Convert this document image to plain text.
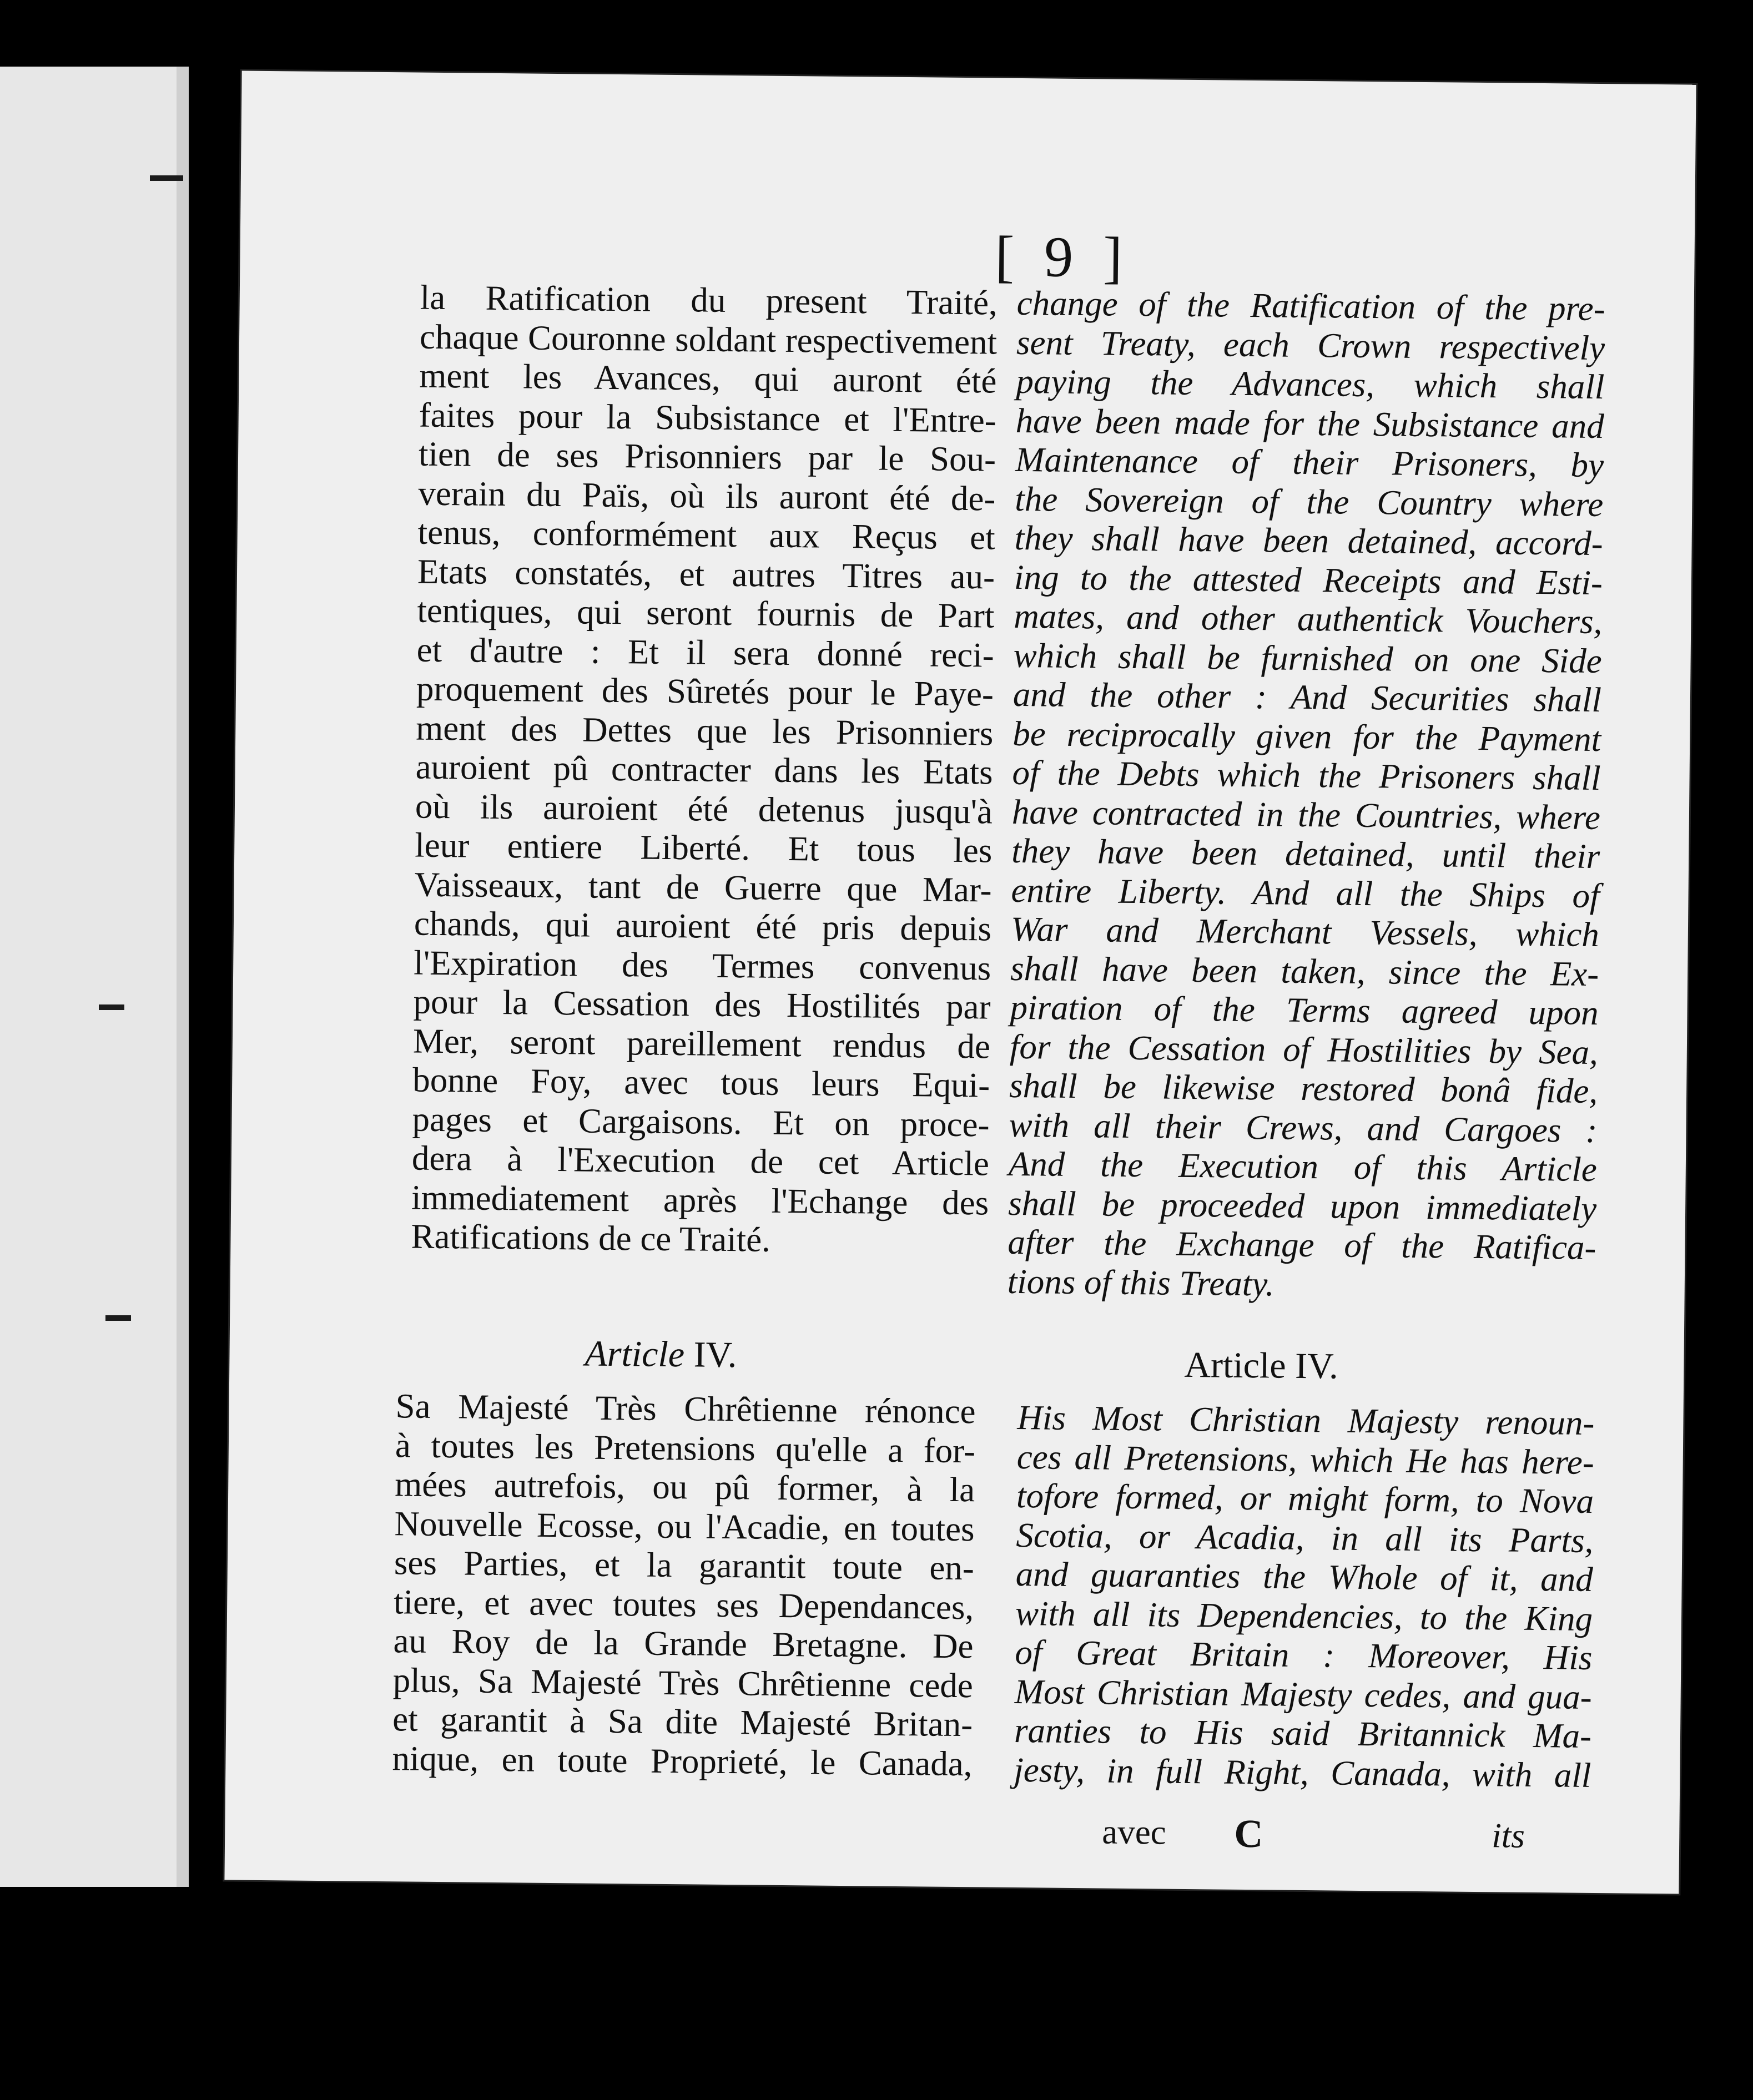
[ 9 ]
la Ratification du present Traité,
chaque Couronne soldant respectivement
ment les Avances, qui auront été
faites pour la Subsistance et l'Entre-
tien de ses Prisonniers par le Sou-
verain du Païs, où ils auront été de-
tenus, conformément aux Reçus et
Etats constatés, et autres Titres au-
tentiques, qui seront fournis de Part
et d'autre : Et il sera donné reci-
proquement des Sûretés pour le Paye-
ment des Dettes que les Prisonniers
auroient pû contracter dans les Etats
où ils auroient été detenus jusqu'à
leur entiere Liberté. Et tous les
Vaisseaux, tant de Guerre que Mar-
chands, qui auroient été pris depuis
l'Expiration des Termes convenus
pour la Cessation des Hostilités par
Mer, seront pareillement rendus de
bonne Foy, avec tous leurs Equi-
pages et Cargaisons. Et on proce-
dera à l'Execution de cet Article
immediatement après l'Echange des
Ratifications de ce Traité.
change of the Ratification of the pre-
sent Treaty, each Crown respectively
paying the Advances, which shall
have been made for the Subsistance and
Maintenance of their Prisoners, by
the Sovereign of the Country where
they shall have been detained, accord-
ing to the attested Receipts and Esti-
mates, and other authentick Vouchers,
which shall be furnished on one Side
and the other : And Securities shall
be reciprocally given for the Payment
of the Debts which the Prisoners shall
have contracted in the Countries, where
they have been detained, until their
entire Liberty. And all the Ships of
War and Merchant Vessels, which
shall have been taken, since the Ex-
piration of the Terms agreed upon
for the Cessation of Hostilities by Sea,
shall be likewise restored bonâ fide,
with all their Crews, and Cargoes :
And the Execution of this Article
shall be proceeded upon immediately
after the Exchange of the Ratifica-
tions of this Treaty.
Article IV.	Article IV.
Sa Majesté Très Chrêtienne rénonce
à toutes les Pretensions qu'elle a for-
mées autrefois, ou pû former, à la
Nouvelle Ecosse, ou l'Acadie, en toutes
ses Parties, et la garantit toute en-
tiere, et avec toutes ses Dependances,
au Roy de la Grande Bretagne. De
plus, Sa Majesté Très Chrêtienne cede
et garantit à Sa dite Majesté Britan-
nique, en toute Proprieté, le Canada,
His Most Christian Majesty renoun-
ces all Pretensions, which He has here-
tofore formed, or might form, to Nova
Scotia, or Acadia, in all its Parts,
and guaranties the Whole of it, and
with all its Dependencies, to the King
of Great Britain : Moreover, His
Most Christian Majesty cedes, and gua-
ranties to His said Britannick Ma-
jesty, in full Right, Canada, with all
avec C	its
